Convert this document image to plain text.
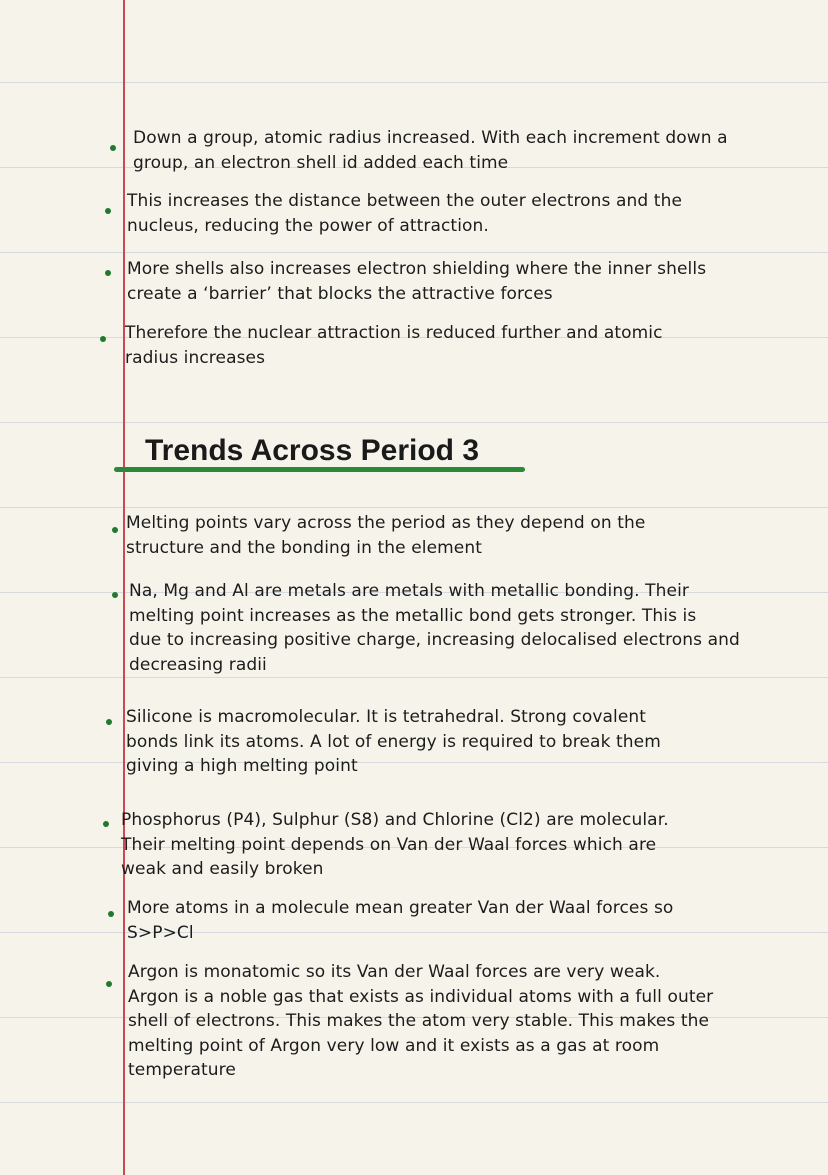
Down a group, atomic radius increased. With each increment down a
group, an electron shell id added each time
This increases the distance between the outer electrons and the
nucleus, reducing the power of attraction.
More shells also increases electron shielding where the inner shells
create a ‘barrier’ that blocks the attractive forces
Therefore the nuclear attraction is reduced further and atomic
radius increases
Trends Across Period 3
Melting points vary across the period as they depend on the
structure and the bonding in the element
Na, Mg and Al are metals are metals with metallic bonding. Their
melting point increases as the metallic bond gets stronger. This is
due to increasing positive charge, increasing delocalised electrons and
decreasing radii
Silicone is macromolecular. It is tetrahedral. Strong covalent
bonds link its atoms. A lot of energy is required to break them
giving a high melting point
Phosphorus (P4), Sulphur (S8) and Chlorine (Cl2) are molecular.
Their melting point depends on Van der Waal forces which are
weak and easily broken
More atoms in a molecule mean greater Van der Waal forces so
S>P>Cl
Argon is monatomic so its Van der Waal forces are very weak.
Argon is a noble gas that exists as individual atoms with a full outer
shell of electrons. This makes the atom very stable. This makes the
melting point of Argon very low and it exists as a gas at room
temperature
